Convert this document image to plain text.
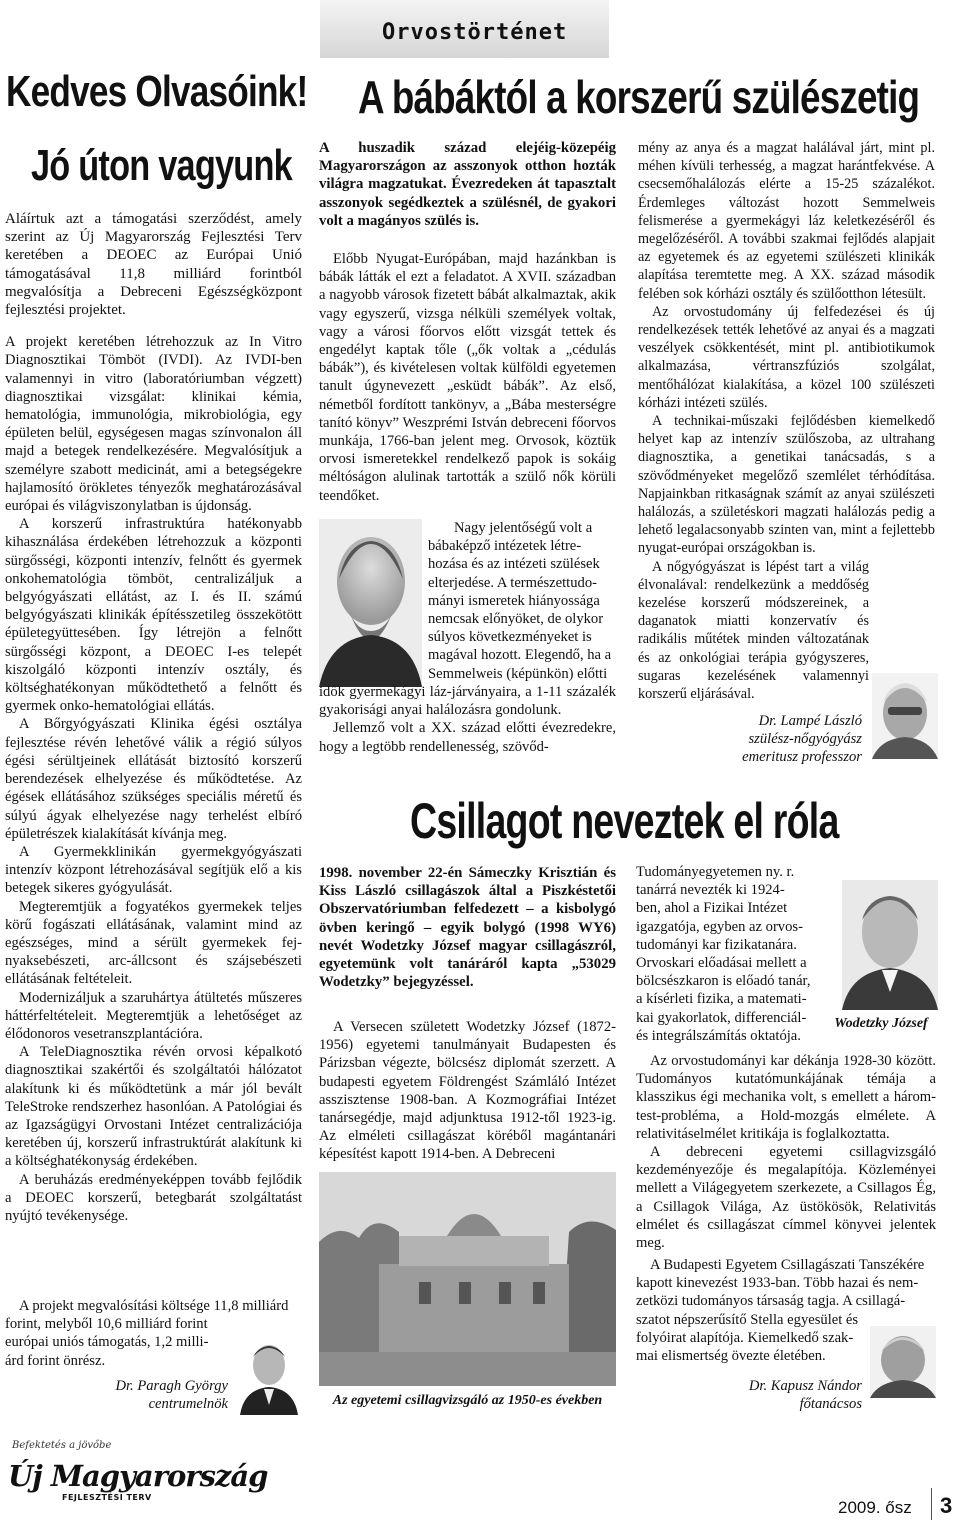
Orvostörténet
Kedves Olvasóink!
Jó úton vagyunk
A bábáktól a korszerű szülészetig
Aláírtuk azt a támogatási szerződést, amely szerint az Új Magyarország Fejlesztési Terv keretében a DEOEC az Európai Unió támogatásával 11,8 milliárd forintból megvalósítja a Debreceni Egészségközpont fejlesztési projektet.

A projekt keretében létrehozzuk az In Vitro Diagnosztikai Tömböt (IVDI). Az IVDI-ben valamennyi in vitro (laboratóriumban végzett) diagnosztikai vizsgálat: klinikai kémia, hematológia, immunológia, mikrobiológia, egy épületen belül, egységesen magas színvonalon áll majd a betegek rendelkezésére. Megvalósítjuk a személyre szabott medicinát, ami a betegségekre hajlamosító örökletes tényezők meghatározásával európai és világviszonylatban is újdonság.

A korszerű infrastruktúra hatékonyabb kihasználása érdekében létrehozzuk a központi sürgősségi, központi intenzív, felnőtt és gyermek onkohematológia tömböt, centralizáljuk a belgyógyászati ellátást, az I. és II. számú belgyógyászati klinikák építésszetileg összekötött épületegyüttesében. Így létrejön a felnőtt sürgősségi központ, a DEOEC I-es telepét kiszolgáló központi intenzív osztály, és költséghatékonyan működtethető a felnőtt és gyermek onko-hematológiai ellátás.

A Bőrgyógyászati Klinika égési osztálya fejlesztése révén lehetővé válik a régió súlyos égési sérültjeinek ellátását biztosító korszerű berendezések elhelyezése és működtetése. Az égések ellátásához szükséges speciális méretű és súlyú ágyak elhelyezése nagy terhelést elbíró épületrészek kialakítását kívánja meg.

A Gyermekklinikán gyermekgyógyászati intenzív központ létrehozásával segítjük elő a kis betegek sikeres gyógyulását.

Megteremtjük a fogyatékos gyermekek teljes körű fogászati ellátásának, valamint mind az egészséges, mind a sérült gyermekek fej-nyaksebészeti, arc-állcsont és szájsebészeti ellátásának feltételeit.

Modernizáljuk a szaruhártya átültetés műszeres háttérfeltételeit. Megteremtjük a lehetőséget az élődonoros vesetranszplantációra.

A TeleDiagnosztika révén orvosi képalkotó diagnosztikai szakértői és szolgáltatói hálózatot alakítunk ki és működtetünk a már jól bevált TeleStroke rendszerhez hasonlóan. A Patológiai és az Igazságügyi Orvostani Intézet centralizációja keretében új, korszerű infrastruktúrát alakítunk ki a költséghatékonyság érdekében.

A beruházás eredményeképpen tovább fejlődik a DEOEC korszerű, betegbarát szolgáltatást nyújtó tevékenysége.

A projekt megvalósítási költsége 11,8 milliárd
forint, melyből 10,6 milliárd forint
európai uniós támogatás, 1,2 milli-
árd forint önrész.
Dr. Paragh György
centrumelnök
A huszadik század elejéig-közepéig Magyarországon az asszonyok otthon hozták világra magzatukat. Évezredeken át tapasztalt asszonyok segédkeztek a szülésnél, de gyakori volt a magányos szülés is.

Előbb Nyugat-Európában, majd hazánkban is bábák látták el ezt a feladatot. A XVII. században a nagyobb városok fizetett bábát alkalmaztak, akik vagy egyszerű, vizsga nélküli személyek voltak, vagy a városi főorvos előtt vizsgát tettek és engedélyt kaptak tőle („ők voltak a „cédulás bábák”), és kivételesen voltak külföldi egyetemen tanult úgynevezett „esküdt bábák”. Az első, németből fordított tankönyv, a „Bába mesterségre tanító könyv” Weszprémi István debreceni főorvos munkája, 1766-ban jelent meg. Orvosok, köztük orvosi ismeretekkel rendelkező papok is sokáig méltóságon alulinak tartották a szülő nők körüli teendőket.

Nagy jelentőségű volt a
bábaképző intézetek létre-
hozása és az intézeti szülések
elterjedése. A természettudo-
mányi ismeretek hiányossága
nemcsak előnyöket, de olykor
súlyos következményeket is
magával hozott. Elegendő, ha a
Semmelweis (képünkön) előtti

idők gyermekágyi láz-járványaira, a 1-11 százalék gyakorisági anyai halálozásra gondolunk.

Jellemző volt a XX. század előtti évezredekre, hogy a legtöbb rendellenesség, szövőd-

mény az anya és a magzat halálával járt, mint pl. méhen kívüli terhesség, a magzat harántfekvése. A csecsemőhalálozás elérte a 15-25 százalékot. Érdemleges változást hozott Semmelweis felismerése a gyermekágyi láz keletkezéséről és megelőzéséről. A további szakmai fejlődés alapjait az egyetemek és az egyetemi szülészeti klinikák alapítása teremtette meg. A XX. század második felében sok kórházi osztály és szülőotthon létesült.

Az orvostudomány új felfedezései és új rendelkezések tették lehetővé az anyai és a magzati veszélyek csökkentését, mint pl. antibiotikumok alkalmazása, vértranszfúziós szolgálat, mentőhálózat kialakítása, a közel 100 szülészeti kórházi intézeti szülés.

A technikai-műszaki fejlődésben kiemelkedő helyet kap az intenzív szülőszoba, az ultrahang diagnosztika, a genetikai tanácsadás, s a szövődményeket megelőző szemlélet térhódítása. Napjainkban ritkaságnak számít az anyai szülészeti halálozás, a születéskori magzati halálozás pedig a lehető legalacsonyabb szinten van, mint a fejlettebb nyugat-európai országokban is.

A nőgyógyászat is lépést tart a világ élvonalával: rendelkezünk a meddőség kezelése korszerű módszereinek, a daganatok miatti konzervatív és radikális műtétek minden változatának és az onkológiai terápia gyógyszeres, sugaras kezelésének valamennyi korszerű eljárásával.

Dr. Lampé László
szülész-nőgyógyász
emeritusz professzor
Csillagot neveztek el róla
1998. november 22-én Sámeczky Krisztián és Kiss László csillagászok által a Piszkéstetői Obszervatóriumban felfedezett – a kisbolygó övben keringő – egyik bolygó (1998 WY6) nevét Wodetzky József magyar csillagászról, egyetemünk volt tanáráról kapta „53029 Wodetzky” bejegyzéssel.

A Versecen született Wodetzky József (1872-1956) egyetemi tanulmányait Budapesten és Párizsban végezte, bölcsész diplomát szerzett. A budapesti egyetem Földrengést Számláló Intézet asszisztense 1908-ban. A Kozmográfiai Intézet tanársegédje, majd adjunktusa 1912-től 1923-ig. Az elméleti csillagászat köréből magántanári képesítést kapott 1914-ben. A Debreceni

Az egyetemi csillagvizsgáló az 1950-es években
Tudományegyetemen ny. r.
tanárrá nevezték ki 1924-
ben, ahol a Fizikai Intézet
igazgatója, egyben az orvos-
tudományi kar fizikatanára.
Orvoskari előadásai mellett a
bölcsészkaron is előadó tanár,
a kísérleti fizika, a matemati-
kai gyakorlatok, differenciál-
és integrálszámítás oktatója.
Wodetzky József

Az orvostudományi kar dékánja 1928-30 között. Tudományos kutatómunkájának témája a klasszikus égi mechanika volt, s emellett a három-test-probléma, a Hold-mozgás elmélete. A relativitáselmélet kritikája is foglalkoztatta.

A debreceni egyetemi csillagvizsgáló kezdeményezője és megalapítója. Közleményei mellett a Világegyetem szerkezete, a Csillagos Ég, a Csillagok Világa, Az üstökösök, Relativitás elmélet és csillagászat címmel könyvei jelentek meg.

A Budapesti Egyetem Csillagászati Tanszékére
kapott kinevezést 1933-ban. Több hazai és nem-
zetközi tudományos társaság tagja. A csillagá-
szatot népszerűsítő Stella egyesület és
folyóirat alapítója. Kiemelkedő szak-
mai elismertség övezte életében.
Dr. Kapusz Nándor
főtanácsos
Befektetés a jövőbe
Új Magyarország
FEJLESZTÉSI TERV
2009. ősz 3
